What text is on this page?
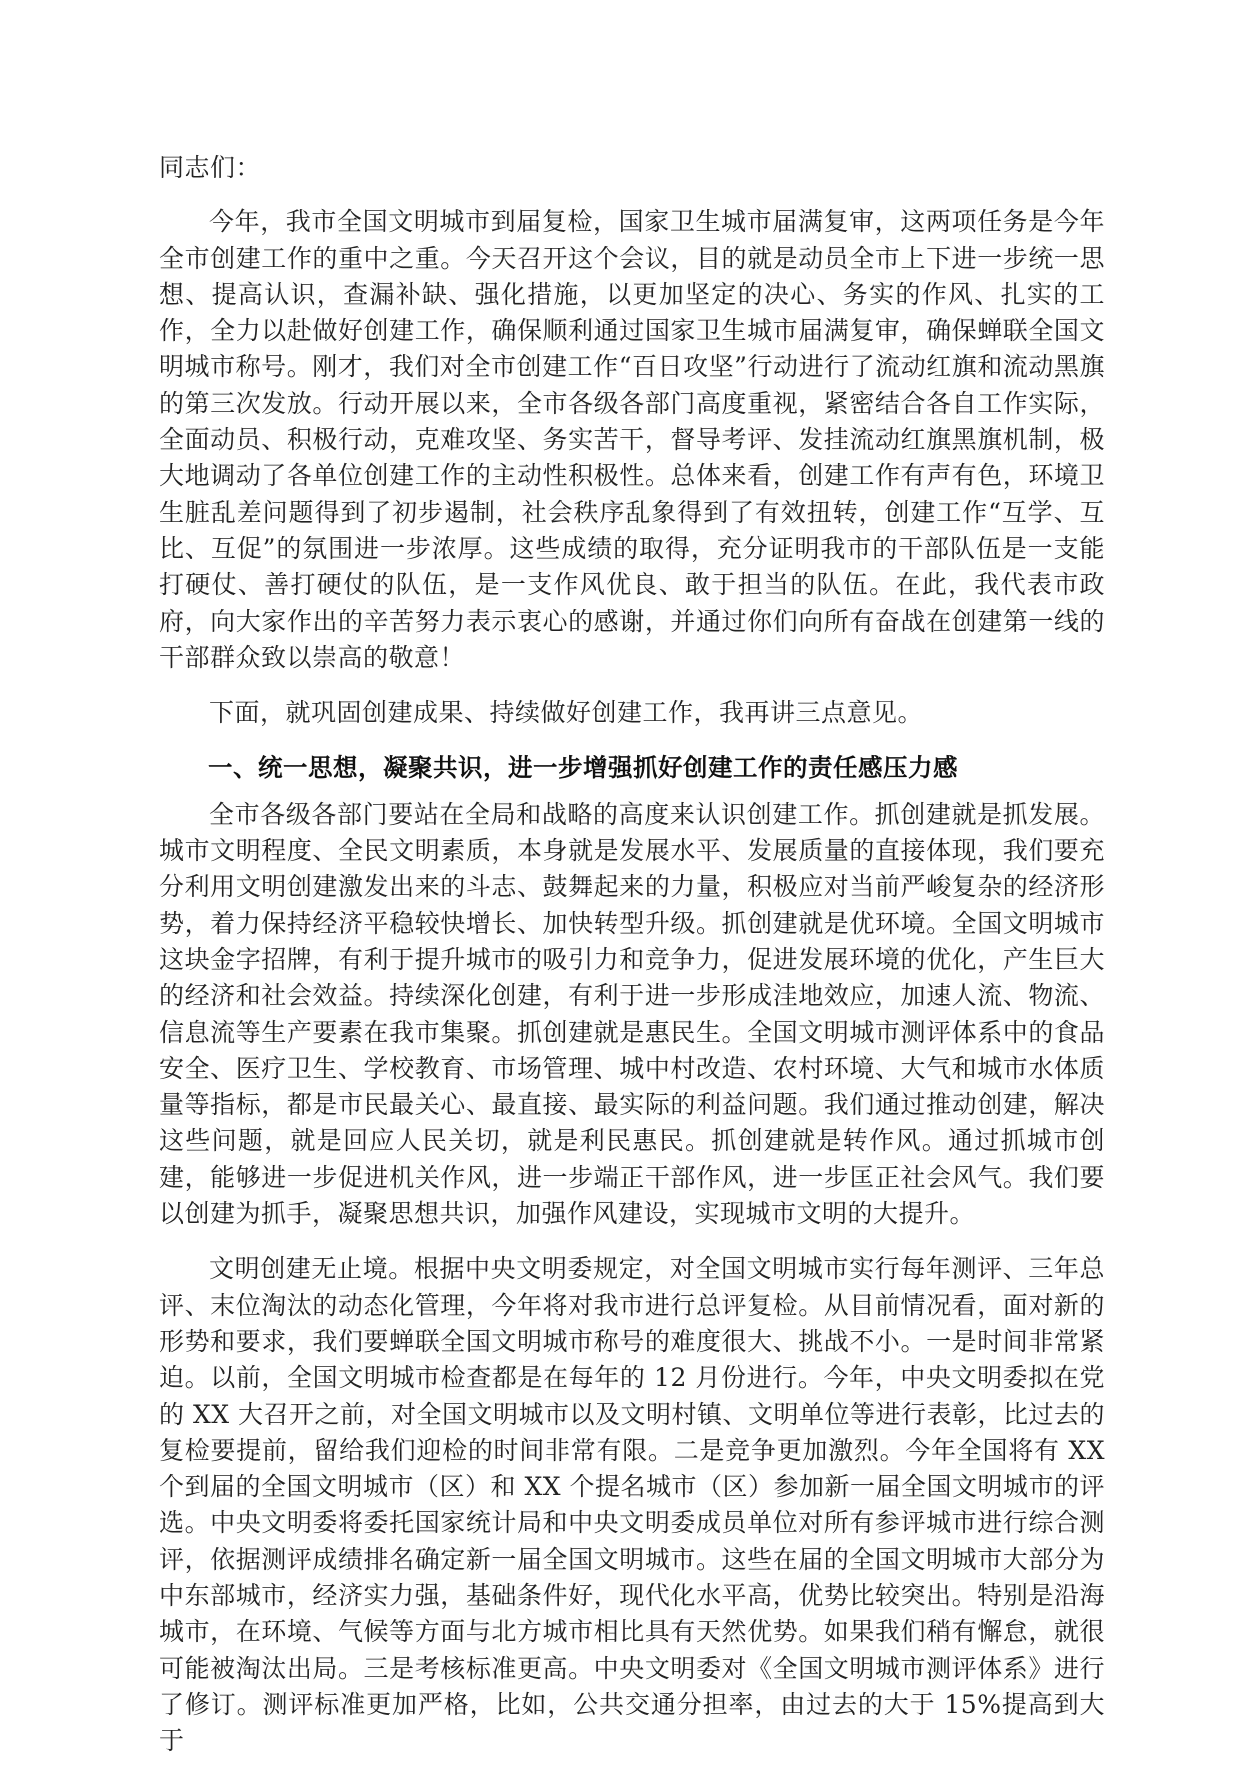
同志们：

今年，我市全国文明城市到届复检，国家卫生城市届满复审，这两项任务是今年全市创建工作的重中之重。今天召开这个会议，目的就是动员全市上下进一步统一思想、提高认识，查漏补缺、强化措施，以更加坚定的决心、务实的作风、扎实的工作，全力以赴做好创建工作，确保顺利通过国家卫生城市届满复审，确保蝉联全国文明城市称号。刚才，我们对全市创建工作“百日攻坚”行动进行了流动红旗和流动黑旗的第三次发放。行动开展以来，全市各级各部门高度重视，紧密结合各自工作实际，全面动员、积极行动，克难攻坚、务实苦干，督导考评、发挂流动红旗黑旗机制，极大地调动了各单位创建工作的主动性积极性。总体来看，创建工作有声有色，环境卫生脏乱差问题得到了初步遏制，社会秩序乱象得到了有效扭转，创建工作“互学、互比、互促”的氛围进一步浓厚。这些成绩的取得，充分证明我市的干部队伍是一支能打硬仗、善打硬仗的队伍，是一支作风优良、敢于担当的队伍。在此，我代表市政府，向大家作出的辛苦努力表示衷心的感谢，并通过你们向所有奋战在创建第一线的干部群众致以崇高的敬意！

下面，就巩固创建成果、持续做好创建工作，我再讲三点意见。

一、统一思想，凝聚共识，进一步增强抓好创建工作的责任感压力感

全市各级各部门要站在全局和战略的高度来认识创建工作。抓创建就是抓发展。城市文明程度、全民文明素质，本身就是发展水平、发展质量的直接体现，我们要充分利用文明创建激发出来的斗志、鼓舞起来的力量，积极应对当前严峻复杂的经济形势，着力保持经济平稳较快增长、加快转型升级。抓创建就是优环境。全国文明城市这块金字招牌，有利于提升城市的吸引力和竞争力，促进发展环境的优化，产生巨大的经济和社会效益。持续深化创建，有利于进一步形成洼地效应，加速人流、物流、信息流等生产要素在我市集聚。抓创建就是惠民生。全国文明城市测评体系中的食品安全、医疗卫生、学校教育、市场管理、城中村改造、农村环境、大气和城市水体质量等指标，都是市民最关心、最直接、最实际的利益问题。我们通过推动创建，解决这些问题，就是回应人民关切，就是利民惠民。抓创建就是转作风。通过抓城市创建，能够进一步促进机关作风，进一步端正干部作风，进一步匡正社会风气。我们要以创建为抓手，凝聚思想共识，加强作风建设，实现城市文明的大提升。

文明创建无止境。根据中央文明委规定，对全国文明城市实行每年测评、三年总评、末位淘汰的动态化管理，今年将对我市进行总评复检。从目前情况看，面对新的形势和要求，我们要蝉联全国文明城市称号的难度很大、挑战不小。一是时间非常紧迫。以前，全国文明城市检查都是在每年的 12 月份进行。今年，中央文明委拟在党的 XX 大召开之前，对全国文明城市以及文明村镇、文明单位等进行表彰，比过去的复检要提前，留给我们迎检的时间非常有限。二是竞争更加激烈。今年全国将有 XX 个到届的全国文明城市（区）和 XX 个提名城市（区）参加新一届全国文明城市的评选。中央文明委将委托国家统计局和中央文明委成员单位对所有参评城市进行综合测评，依据测评成绩排名确定新一届全国文明城市。这些在届的全国文明城市大部分为中东部城市，经济实力强，基础条件好，现代化水平高，优势比较突出。特别是沿海城市，在环境、气候等方面与北方城市相比具有天然优势。如果我们稍有懈怠，就很可能被淘汰出局。三是考核标准更高。中央文明委对《全国文明城市测评体系》进行了修订。测评标准更加严格，比如，公共交通分担率，由过去的大于 15%提高到大于
